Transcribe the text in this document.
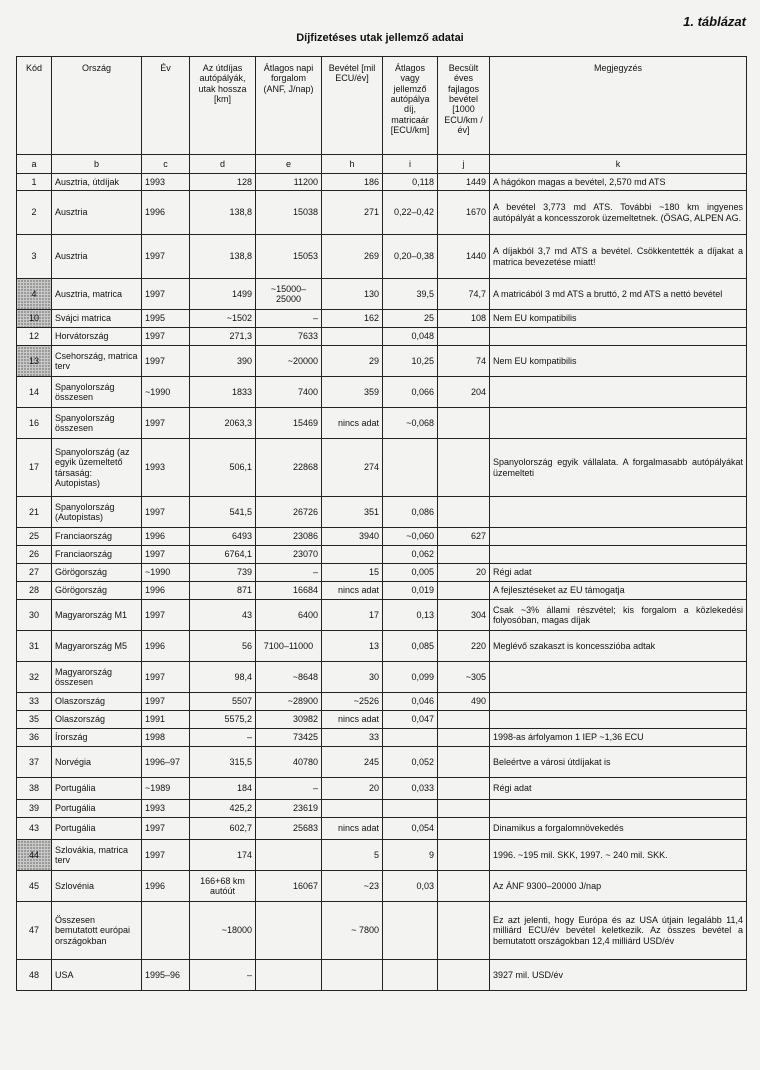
1. táblázat
Díjfizetéses utak jellemző adatai
Kód	Ország	Év	Az útdíjas autópályák, utak hossza [km]	Átlagos napi forgalom (ANF, J/nap)	Bevétel [mil ECU/év]	Átlagos vagy jellemző autópálya díj, matricaár [ECU/km]	Becsült éves fajlagos bevétel [1000 ECU/km /év]	Megjegyzés
a	b	c	d	e	h	i	j	k
1	Ausztria, útdíjak	1993	128	11200	186	0,118	1449	A hágókon magas a bevétel, 2,570 md ATS
2	Ausztria	1996	138,8	15038	271	0,22–0,42	1670	A bevétel 3,773 md ATS. További ~180 km ingyenes autópályát a koncesszorok üzemeltetnek. (ÖSAG, ALPEN AG.
3	Ausztria	1997	138,8	15053	269	0,20–0,38	1440	A díjakból 3,7 md ATS a bevétel. Csökkentették a díjakat a matrica bevezetése miatt!
4	Ausztria, matrica	1997	1499	~15000–25000	130	39,5	74,7	A matricából 3 md ATS a bruttó, 2 md ATS a nettó bevétel
10	Svájci matrica	1995	~1502	–	162	25	108	Nem EU kompatibilis
12	Horvátország	1997	271,3	7633		0,048		
13	Csehország, matrica terv	1997	390	~20000	29	10,25	74	Nem EU kompatibilis
14	Spanyolország összesen	~1990	1833	7400	359	0,066	204	
16	Spanyolország összesen	1997	2063,3	15469	nincs adat	~0,068		
17	Spanyolország (az egyik üzemeltető társaság: Autopistas)	1993	506,1	22868	274			Spanyolország egyik vállalata. A forgalmasabb autópályákat üzemelteti
21	Spanyolország (Autopistas)	1997	541,5	26726	351	0,086		
25	Franciaország	1996	6493	23086	3940	~0,060	627	
26	Franciaország	1997	6764,1	23070		0,062		
27	Görögország	~1990	739	–	15	0,005	20	Régi adat
28	Görögország	1996	871	16684	nincs adat	0,019		A fejlesztéseket az EU támogatja
30	Magyarország M1	1997	43	6400	17	0,13	304	Csak ~3% állami részvétel; kis forgalom a közlekedési folyosóban, magas díjak
31	Magyarország M5	1996	56	7100–11000	13	0,085	220	Meglévő szakaszt is koncesszióba adtak
32	Magyarország összesen	1997	98,4	~8648	30	0,099	~305	
33	Olaszország	1997	5507	~28900	~2526	0,046	490	
35	Olaszország	1991	5575,2	30982	nincs adat	0,047		
36	Írország	1998	–	73425	33			1998-as árfolyamon 1 IEP ~1,36 ECU
37	Norvégia	1996–97	315,5	40780	245	0,052		Beleértve a városi útdíjakat is
38	Portugália	~1989	184	–	20	0,033		Régi adat
39	Portugália	1993	425,2	23619				
43	Portugália	1997	602,7	25683	nincs adat	0,054		Dinamikus a forgalomnövekedés
44	Szlovákia, matrica terv	1997	174		5	9		1996. ~195 mil. SKK, 1997. ~ 240 mil. SKK.
45	Szlovénia	1996	166+68 km autóút	16067	~23	0,03		Az ÁNF 9300–20000 J/nap
47	Összesen bemutatott európai országokban		~18000		~ 7800			Ez azt jelenti, hogy Európa és az USA útjain legalább 11,4 milliárd ECU/év bevétel keletkezik. Az összes bevétel a bemutatott országokban 12,4 milliárd USD/év
48	USA	1995–96	–					3927 mil. USD/év
